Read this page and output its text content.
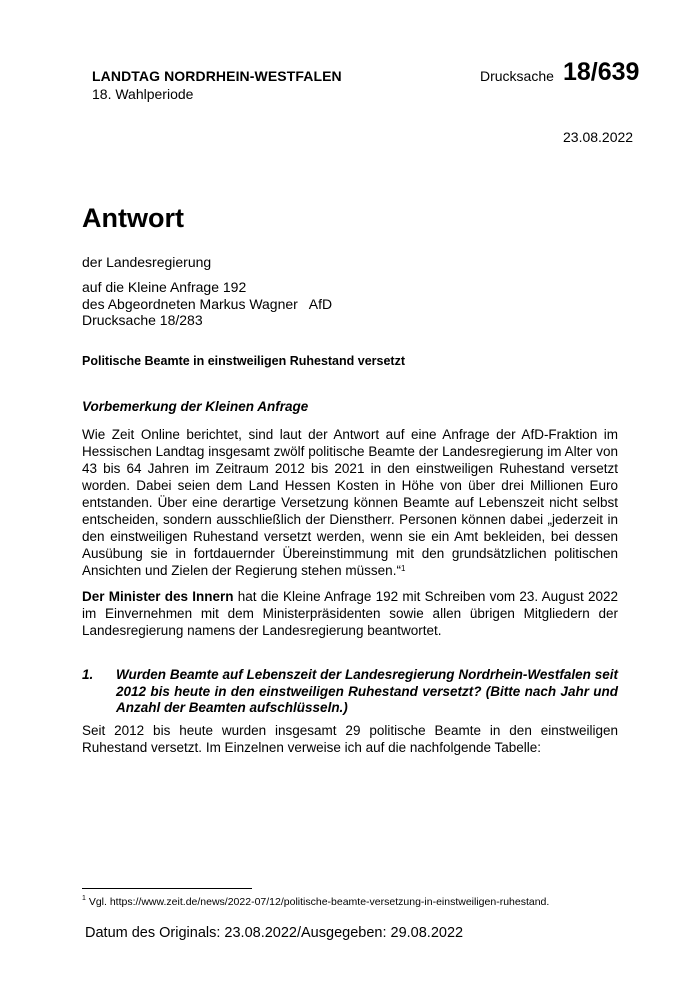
LANDTAG NORDRHEIN-WESTFALEN
18. Wahlperiode
Drucksache 18/639
23.08.2022
Antwort
der Landesregierung
auf die Kleine Anfrage 192
des Abgeordneten Markus Wagner   AfD
Drucksache 18/283
Politische Beamte in einstweiligen Ruhestand versetzt
Vorbemerkung der Kleinen Anfrage
Wie Zeit Online berichtet, sind laut der Antwort auf eine Anfrage der AfD-Fraktion im Hessischen Landtag insgesamt zwölf politische Beamte der Landesregierung im Alter von 43 bis 64 Jahren im Zeitraum 2012 bis 2021 in den einstweiligen Ruhestand versetzt worden. Dabei seien dem Land Hessen Kosten in Höhe von über drei Millionen Euro entstanden. Über eine derartige Versetzung können Beamte auf Lebenszeit nicht selbst entscheiden, sondern ausschließlich der Dienstherr. Personen können dabei „jederzeit in den einstweiligen Ruhestand versetzt werden, wenn sie ein Amt bekleiden, bei dessen Ausübung sie in fortdauernder Übereinstimmung mit den grundsätzlichen politischen Ansichten und Zielen der Regierung stehen müssen.“$^1$
Der Minister des Innern hat die Kleine Anfrage 192 mit Schreiben vom 23. August 2022 im Einvernehmen mit dem Ministerpräsidenten sowie allen übrigen Mitgliedern der Landesregierung namens der Landesregierung beantwortet.
1. Wurden Beamte auf Lebenszeit der Landesregierung Nordrhein-Westfalen seit 2012 bis heute in den einstweiligen Ruhestand versetzt? (Bitte nach Jahr und Anzahl der Beamten aufschlüsseln.)
Seit 2012 bis heute wurden insgesamt 29 politische Beamte in den einstweiligen Ruhestand versetzt. Im Einzelnen verweise ich auf die nachfolgende Tabelle:
$^1$ Vgl. https://www.zeit.de/news/2022-07/12/politische-beamte-versetzung-in-einstweiligen-ruhestand.
Datum des Originals: 23.08.2022/Ausgegeben: 29.08.2022
